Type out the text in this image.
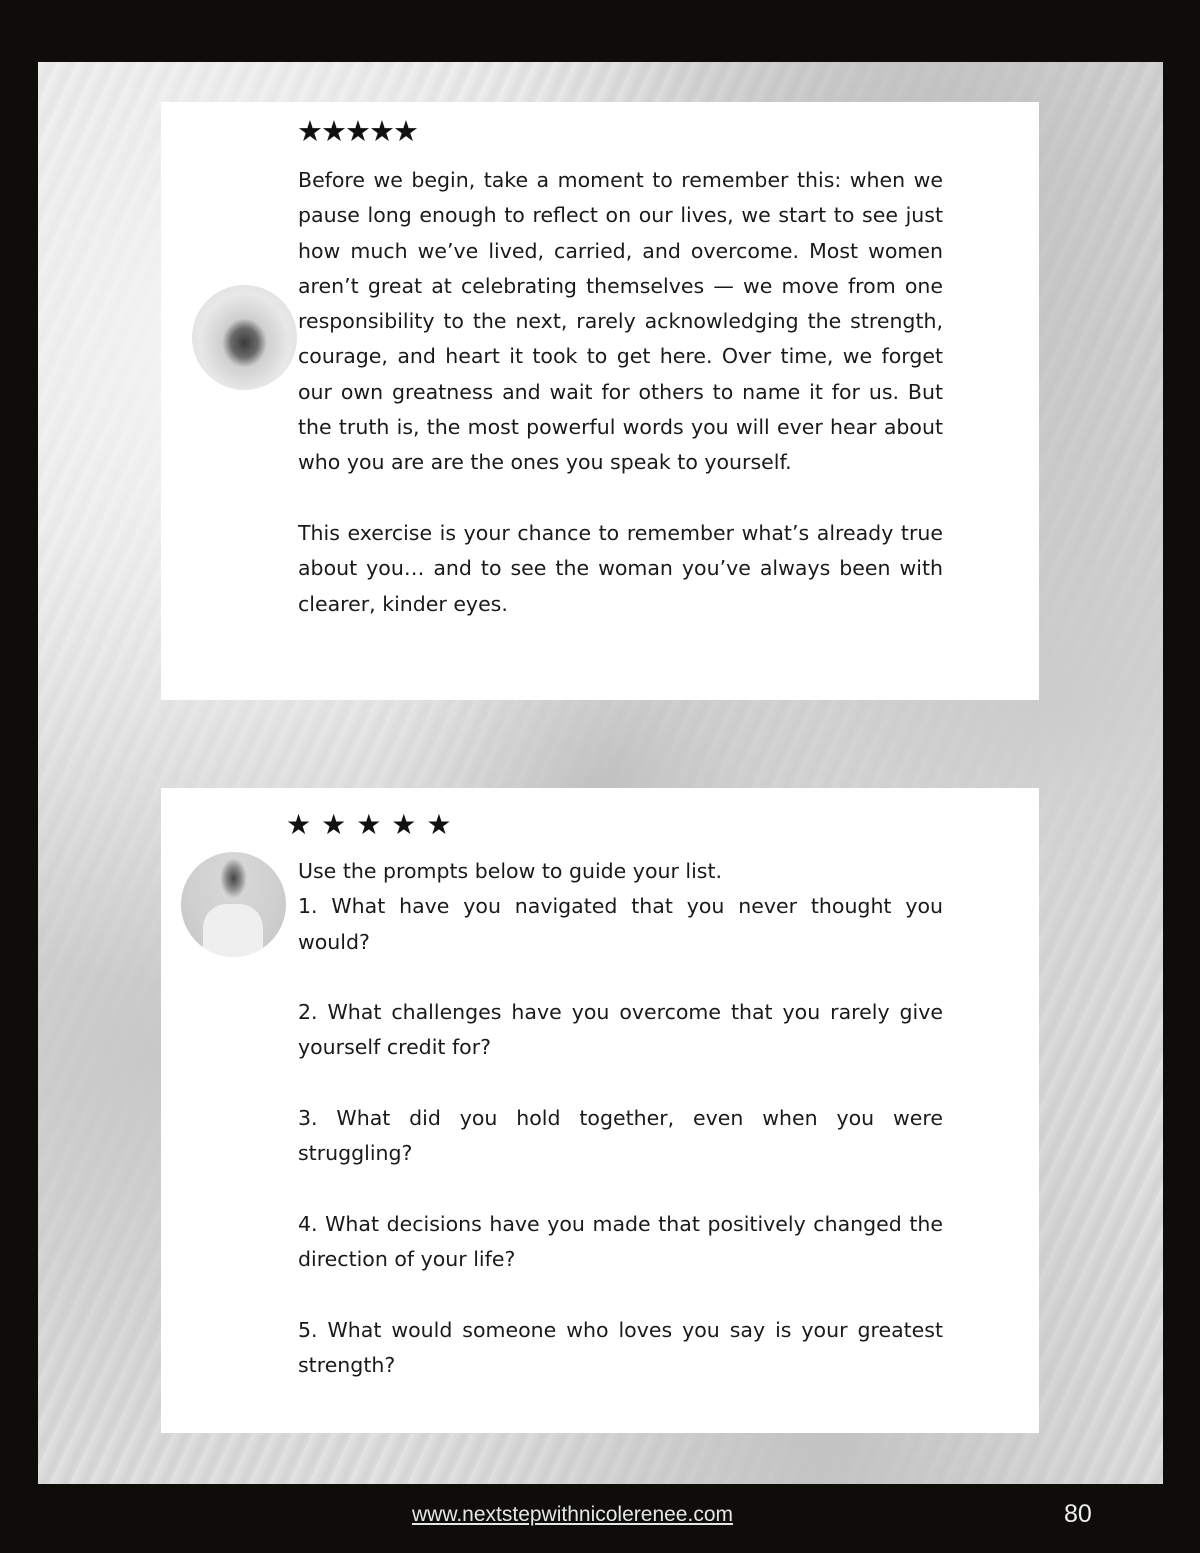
★★★★★

Before we begin, take a moment to remember this: when we pause long enough to reflect on our lives, we start to see just how much we’ve lived, carried, and overcome. Most women aren’t great at celebrating themselves — we move from one responsibility to the next, rarely acknowledging the strength, courage, and heart it took to get here. Over time, we forget our own greatness and wait for others to name it for us. But the truth is, the most powerful words you will ever hear about who you are are the ones you speak to yourself.

This exercise is your chance to remember what’s already true about you… and to see the woman you’ve always been with clearer, kinder eyes.

★★★★★

Use the prompts below to guide your list.

1. What have you navigated that you never thought you would?

2. What challenges have you overcome that you rarely give yourself credit for?

3. What did you hold together, even when you were struggling?

4. What decisions have you made that positively changed the direction of your life?

5. What would someone who loves you say is your greatest strength?

www.nextstepwithnicolerenee.com	80
